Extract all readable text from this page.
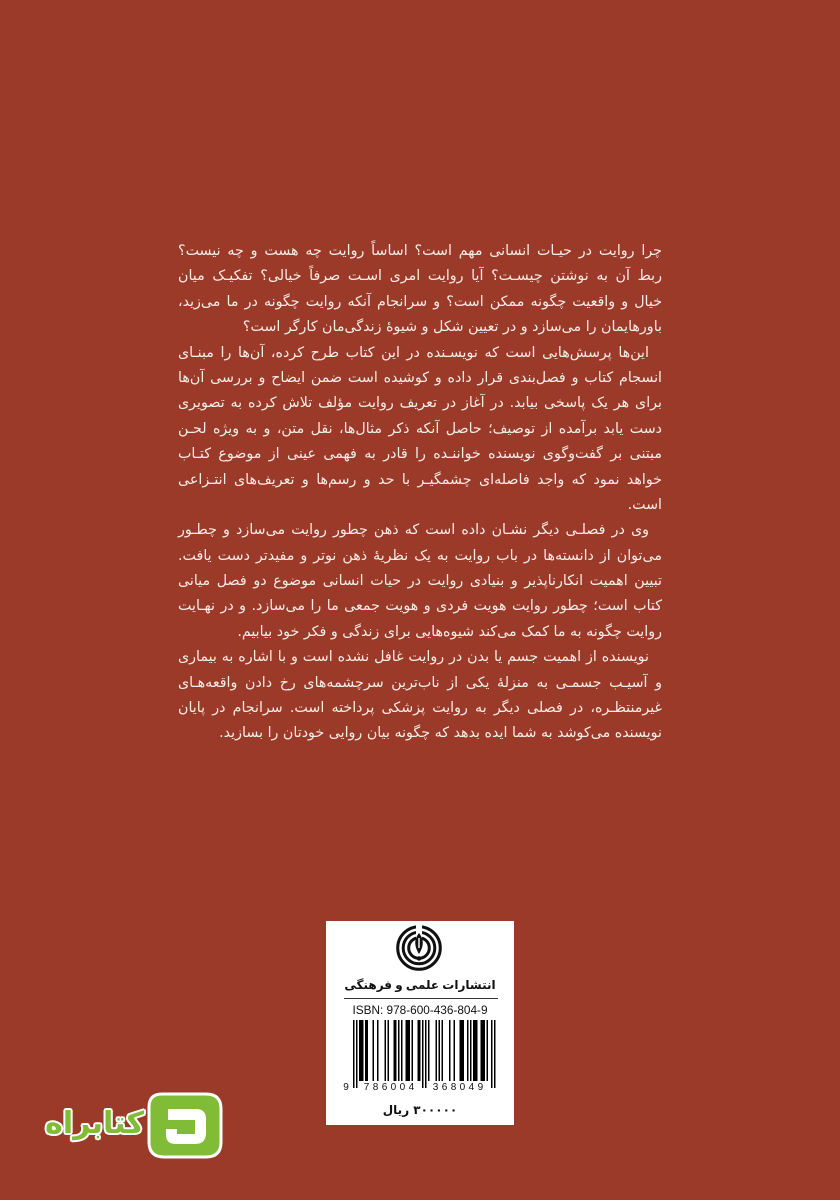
چرا روایت در حیـات انسانی مهم است؟ اساساً روایت چه هست و چه نیست؟
ربط آن به نوشتن چیسـت؟ آیا روایت امری اسـت صرفاً خیالی؟ تفکیـک میان
خیال و واقعیت چگونه ممکن است؟ و سرانجام آنکه روایت چگونه در ما می‌زید،
باورهایمان را می‌سازد و در تعیین شکل و شیوهٔ زندگی‌مان کارگر است؟
این‌ها پرسش‌هایی است که نویسـنده در این کتاب طرح کرده، آن‌ها را مبنـای
انسجام کتاب و فصل‌بندی قرار داده و کوشیده است ضمن ایضاح و بررسی آن‌ها
برای هر یک پاسخی بیابد. در آغاز در تعریف روایت مؤلف تلاش کرده به تصویری
دست یابد برآمده از توصیف؛ حاصل آنکه ذکر مثال‌ها، نقل متن، و به ویژه لحـن
مبتنی بر گفت‌وگوی نویسنده خواننـده را قادر به فهمی عینی از موضوع کتـاب
خواهد نمود که واجد فاصله‌ای چشمگیـر با حد و رسم‌ها و تعریف‌های انتـزاعی
است.
وی در فصلـی دیگر نشـان داده است که ذهن چطور روایت می‌سازد و چطـور
می‌توان از دانسته‌ها در باب روایت به یک نظریهٔ ذهن نوتر و مفیدتر دست یافت.
تبیین اهمیت انکارناپذیر و بنیادی روایت در حیات انسانی موضوع دو فصل میانی
کتاب است؛ چطور روایت هویت فردی و هویت جمعی ما را می‌سازد. و در نهـایت
روایت چگونه به ما کمک می‌کند شیوه‌هایی برای زندگی و فکر خود بیابیم.
نویسنده از اهمیت جسم یا بدن در روایت غافل نشده است و با اشاره به بیماری
و آسیـب جسمـی به منزلهٔ یکی از ناب‌ترین سرچشمه‌های رخ دادن واقعه‌هـای
غیرمنتظـره، در فصلی دیگر به روایت پزشکی پرداخته است. سرانجام در پایان
نویسنده می‌کوشد به شما ایده بدهد که چگونه بیان روایی خودتان را بسازید.
انتشارات علمی و فرهنگی
ISBN: 978-600-436-804-9
9	786004	368049
۳۰۰۰۰۰ ریال
کتابراه
